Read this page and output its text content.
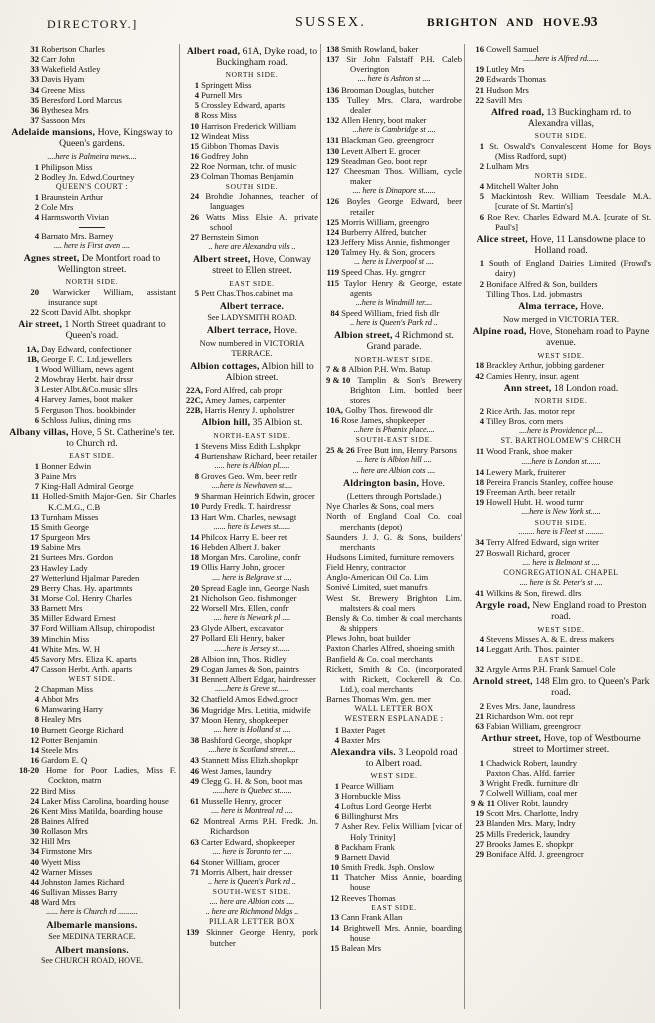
DIRECTORY.]	SUSSEX.	BRIGHTON AND HOVE. 93
31 Robertson Charles
32 Carr John
33 Wakefield Astley
33 Davis Hyam
34 Greene Miss
35 Beresford Lord Marcus
36 Bythesea Mrs
37 Sassoon Mrs
Adelaide mansions, Hove, Kingsway to Queen's gardens.
....here is Palmeira mews....
1 Philipson Miss
2 Bodley Jn. Edwd.Courtney
QUEEN'S COURT :
1 Braunstein Arthur
2 Cole Mrs
4 Harmsworth Vivian
4 Barnato Mrs. Barney
.... here is First aven ....
Agnes street, De Montfort road to Wellington street.
NORTH SIDE.
20 Warwicker William, assistant insurance supt
22 Scott David Albt. shopkpr
Air street, 1 North Street quadrant to Queen's road.
1A, Day Edward, confectioner
1B, George F. C. Ltd.jewellers
1 Wood William, news agent
2 Mowbray Herbt. hair drssr
3 Lester Albt.&Co.music sllrs
4 Harvey James, boot maker
5 Ferguson Thos. bookbinder
6 Schloss Julius, dining rms
Albany villas, Hove, 5 St. Catherine's ter. to Church rd.
EAST SIDE.
1 Bonner Edwin
3 Paine Mrs
7 King-Hall Admiral George
11 Holled-Smith Major-Gen. Sir Charles K.C.M.G., C.B
13 Turnham Misses
15 Smith George
17 Spurgeon Mrs
19 Sabine Mrs
21 Surtees Mrs. Gordon
23 Hawley Lady
27 Wetterlund Hjalmar Pareden
29 Berry Chas. Hy. apartmnts
31 Morse Col. Henry Charles
33 Barnett Mrs
35 Miller Edward Ernest
37 Ford William Allsup, chiropodist
39 Minchin Miss
41 White Mrs. W. H
45 Savory Mrs. Eliza K. aparts
47 Casson Herbt. Arth. aparts
WEST SIDE.
2 Chapman Miss
4 Abbot Mrs
6 Manwaring Harry
8 Healey Mrs
10 Burnett George Richard
12 Potter Benjamin
14 Steele Mrs
16 Gardom E. Q
18-20 Home for Poor Ladies, Miss F. Cockton, matrn
22 Bird Miss
24 Laker Miss Carolina, boarding house
26 Kent Miss Matilda, boarding house
28 Baines Alfred
30 Rollason Mrs
32 Hill Mrs
34 Firmstone Mrs
40 Wyett Miss
42 Warner Misses
44 Johnston James Richard
46 Sullivan Misses Barry
48 Ward Mrs
...... here is Church rd ..........
Albemarle mansions.
See MEDINA TERRACE.
Albert mansions.
See CHURCH ROAD, HOVE.
Albert road, 61A, Dyke road, to Buckingham road.
NORTH SIDE.
1 Springett Miss
4 Purnell Mrs
5 Crossley Edward, aparts
8 Ross Miss
10 Harrison Frederick William
12 Windeat Miss
15 Gibbon Thomas Davis
16 Godfrey John
22 Roe Norman, tchr. of music
23 Colman Thomas Benjamin
SOUTH SIDE.
24 Brohdie Johannes, teacher of languages
26 Watts Miss Elsie A. private school
27 Bernstein Simon
.. here are Alexandra vils ..
Albert street, Hove, Conway street to Ellen street.
EAST SIDE.
5 Pett Chas.Thos.cabinet ma
Albert terrace.
See LADYSMITH ROAD.
Albert terrace, Hove.
Now numbered in VICTORIA TERRACE.
Albion cottages, Albion hill to Albion street.
22A, Ford Alfred, cab propr
22C, Amey James, carpenter
22B, Harris Henry J. upholstrer
Albion hill, 35 Albion st.
NORTH-EAST SIDE.
1 Stevens Miss Edith L.shpkpr
4 Burtenshaw Richard, beer retailer
..... here is Albion pl.....
8 Groves Geo. Wm. beer retlr
....here is Newhaven st....
9 Sharman Heinrich Edwin, grocer
10 Purdy Fredk. T. hairdressr
13 Hart Wm. Charles, newsagt
...... here is Lewes st......
14 Philcox Harry E. beer ret
16 Hebden Albert J. baker
18 Morgan Mrs. Caroline, confr
19 Ollis Harry John, grocer
.... here is Belgrave st ....
20 Spread Eagle inn, George Nash
21 Nicholson Geo. fishmonger
22 Worsell Mrs. Ellen, confr
.... here is Newark pl ....
23 Glyde Albert, excavator
27 Pollard Eli Henry, baker
......here is Jersey st......
28 Albion inn, Thos. Ridley
29 Cogan James & Son, paintrs
31 Bennett Albert Edgar, hairdresser
......here is Greve st......
32 Chatfield Amos Edwd.grocr
36 Mugridge Mrs. Letitia, midwife
37 Moon Henry, shopkeeper
.... here is Holland st ....
38 Bashford George, shopkpr
....here is Scotland street....
43 Stannett Miss Elizh.shopkpr
46 West James, laundry
49 Clegg G. H. & Son, boot mas
......here is Quebec st......
61 Musselle Henry, grocer
.... here is Montreal rd ....
62 Montreal Arms P.H. Fredk. Jn. Richardson
63 Carter Edward, shopkeeper
.... here is Toronto ter ....
64 Stoner William, grocer
71 Morris Albert, hair dresser
.. here is Queen's Park rd ..
SOUTH-WEST SIDE.
.... here are Albion cots ....
.. here are Richmond bldgs ..
PILLAR LETTER BOX
139 Skinner George Henry, pork butcher
138 Smith Rowland, baker
137 Sir John Falstaff P.H. Caleb Overington
.... here is Ashton st ....
136 Brooman Douglas, butcher
135 Tulley Mrs. Clara, wardrobe dealer
132 Allen Henry, boot maker
...here is Cambridge st ....
131 Blackman Geo. greengrocr
130 Levett Albert E. grocer
129 Steadman Geo. boot repr
127 Cheesman Thos. William, cycle maker
.... here is Dinapore st......
126 Boyles George Edward, beer retailer
125 Morris William, greengro
124 Burberry Alfred, butcher
123 Jeffery Miss Annie, fishmonger
120 Talmey Hy. & Son, grocers
... here is Liverpool st ....
119 Speed Chas. Hy. grngrcr
115 Taylor Henry & George, estate agents
...here is Windmill ter....
84 Speed William, fried fish dlr
.. here is Queen's Park rd ..
Albion street, 4 Richmond st. Grand parade.
NORTH-WEST SIDE.
7 & 8 Albion P.H. Wm. Batup
9 & 10 Tamplin & Son's Brewery Brighton Lim. bottled beer stores
10A, Golby Thos. firewood dlr
16 Rose James, shopkeeper
...here is Phœnix place....
SOUTH-EAST SIDE.
25 & 26 Free Butt inn, Henry Parsons
... here is Albion hill ....
... here are Albion cots ....
Aldrington basin, Hove.
(Letters through Portslade.)
Nye Charles & Sons, coal mers
North of England Coal Co. coal merchants (depot)
Saunders J. J. G. & Sons, builders' merchants
Hudsons Limited, furniture removers
Field Henry, contractor
Anglo-American Oil Co. Lim
Sonivé Limited, suet manufrs
West St. Brewery Brighton Lim. maltsters & coal mers
Bensly & Co. timber & coal merchants & shippers
Plews John, boat builder
Paxton Charles Alfred, shoeing smith
Banfield & Co. coal merchants
Rickett, Smith & Co. (incorporated with Rickett, Cockerell & Co. Ltd.), coal merchants
Barnes Thomas Wm. gen. mer
WALL LETTER BOX
WESTERN ESPLANADE :
1 Baxter Paget
4 Baxter Mrs
Alexandra vils. 3 Leopold road to Albert road.
WEST SIDE.
1 Pearce William
3 Hornbuckle Miss
4 Loftus Lord George Herbt
6 Billinghurst Mrs
7 Asher Rev. Felix William [vicar of Holy Trinity]
8 Packham Frank
9 Barnett David
10 Smith Fredk. Jsph. Onslow
11 Thatcher Miss Annie, boarding house
12 Reeves Thomas
EAST SIDE.
13 Cann Frank Allan
14 Brightwell Mrs. Annie, boarding house
15 Balean Mrs
16 Cowell Samuel
......here is Alfred rd......
19 Lutley Mrs
20 Edwards Thomas
21 Hudson Mrs
22 Savill Mrs
Alfred road, 13 Buckingham rd. to Alexandra villas,
SOUTH SIDE.
1 St. Oswald's Convalescent Home for Boys (Miss Radford, supt)
2 Lulham Mrs
NORTH SIDE.
4 Mitchell Walter John
5 Mackintosh Rev. William Teesdale M.A. [curate of St. Martin's]
6 Roe Rev. Charles Edward M.A. [curate of St. Paul's]
Alice street, Hove, 11 Lansdowne place to Holland road.
1 South of England Dairies Limited (Frowd's dairy)
2 Boniface Alfred & Son, builders
Tilling Thos. Ltd. jobmastrs
Alma terrace, Hove.
Now merged in VICTORIA TER.
Alpine road, Hove, Stoneham road to Payne avenue.
WEST SIDE.
18 Brackley Arthur, jobbing gardener
42 Camies Henry, insur. agent
Ann street, 18 London road.
NORTH SIDE.
2 Rice Arth. Jas. motor repr
4 Tilley Bros. corn mers
....here is Providence pl....
ST. BARTHOLOMEW'S CHRCH
11 Wood Frank, shoe maker
.....here is London st.......
14 Lewery Mark, fruiterer
18 Pereira Francis Stanley, coffee house
19 Freeman Arth. beer retailr
19 Howell Hubt. H. wood turnr
....here is New York st.....
SOUTH SIDE.
........ here is Fleet st .........
34 Terry Alfred Edward, sign writer
27 Boswall Richard, grocer
.... here is Belmont st ....
CONGREGATIONAL CHAPEL
.... here is St. Peter's st ....
41 Wilkins & Son, firewd. dlrs
Argyle road, New England road to Preston road.
WEST SIDE.
4 Stevens Misses A. & E. dress makers
14 Leggatt Arth. Thos. painter
EAST SIDE.
32 Argyle Arms P.H. Frank Samuel Cole
Arnold street, 148 Elm gro. to Queen's Park road.
2 Eves Mrs. Jane, laundress
21 Richardson Wm. oot repr
63 Fabian William, greengrocr
Arthur street, Hove, top of Westbourne street to Mortimer street.
1 Chadwick Robert, laundry
Paxton Chas. Alfd. farrier
3 Wright Fredk. furniture dlr
7 Colwell William, coal mer
9 & 11 Oliver Robt. laundry
19 Scott Mrs. Charlotte, lndry
23 Blanden Mrs. Mary, lndry
25 Mills Frederick, laundry
27 Brooks James E. shopkpr
29 Boniface Alfd. J. greengrocr
